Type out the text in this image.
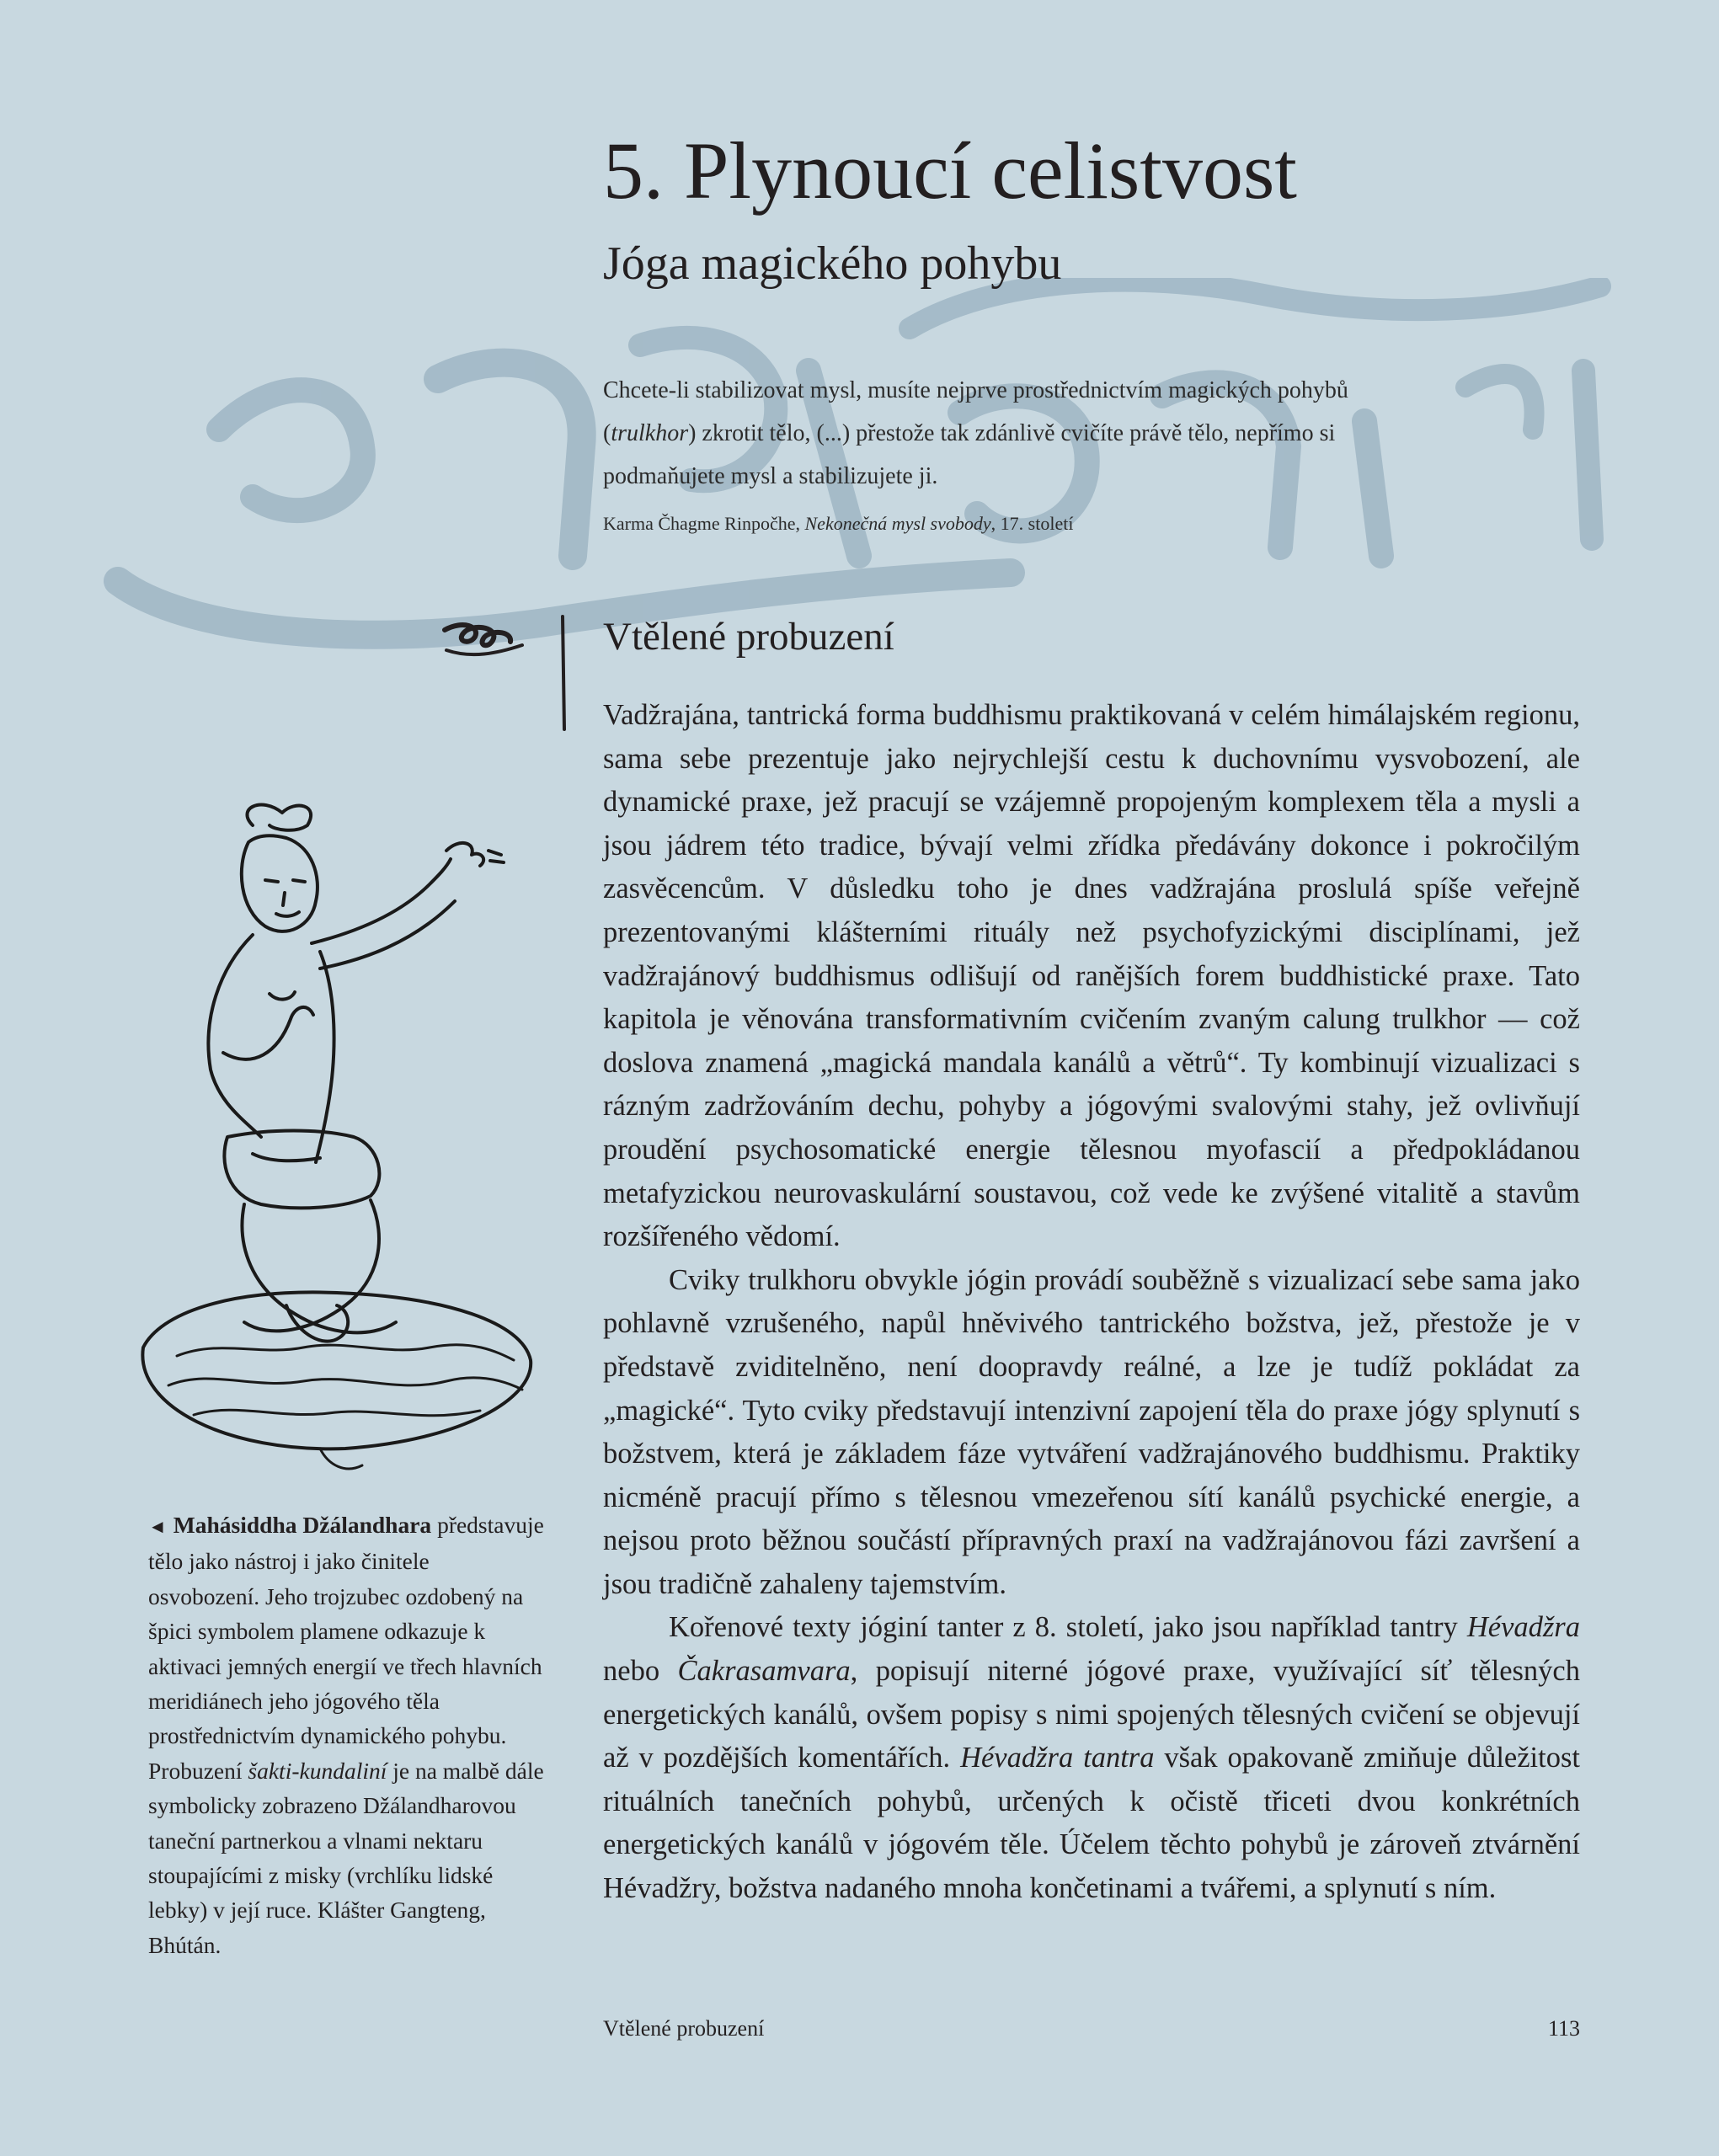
5. Plynoucí celistvost
Jóga magického pohybu
Chcete-li stabilizovat mysl, musíte nejprve prostřednictvím magických pohybů (trulkhor) zkrotit tělo, (...) přestože tak zdánlivě cvičíte právě tělo, nepřímo si podmaňujete mysl a stabilizujete ji.
Karma Čhagme Rinpočhe, Nekonečná mysl svobody, 17. století
Vtělené probuzení

Vadžrajána, tantrická forma buddhismu praktikovaná v celém himálajském regionu, sama sebe prezentuje jako nejrychlejší cestu k duchovnímu vysvobození, ale dynamické praxe, jež pracují se vzájemně propojeným komplexem těla a mysli a jsou jádrem této tradice, bývají velmi zřídka předávány dokonce i pokročilým zasvěcencům. V důsledku toho je dnes vadžrajána proslulá spíše veřejně prezentovanými klášterními rituály než psychofyzickými disciplínami, jež vadžrajánový buddhismus odlišují od ranějších forem buddhistické praxe. Tato kapitola je věnována transformativním cvičením zvaným calung trulkhor — což doslova znamená „magická mandala kanálů a větrů“. Ty kombinují vizualizaci s rázným zadržováním dechu, pohyby a jógovými svalovými stahy, jež ovlivňují proudění psychosomatické energie tělesnou myofascií a předpokládanou metafyzickou neurovaskulární soustavou, což vede ke zvýšené vitalitě a stavům rozšířeného vědomí.

Cviky trulkhoru obvykle jógin provádí souběžně s vizualizací sebe sama jako pohlavně vzrušeného, napůl hněvivého tantrického božstva, jež, přestože je v představě zviditelněno, není doopravdy reálné, a lze je tudíž pokládat za „magické“. Tyto cviky představují intenzivní zapojení těla do praxe jógy splynutí s božstvem, která je základem fáze vytváření vadžrajánového buddhismu. Praktiky nicméně pracují přímo s tělesnou vmezeřenou sítí kanálů psychické energie, a nejsou proto běžnou součástí přípravných praxí na vadžrajánovou fázi završení a jsou tradičně zahaleny tajemstvím.

Kořenové texty jóginí tanter z 8. století, jako jsou například tantry Hévadžra nebo Čakrasamvara, popisují niterné jógové praxe, využívající síť tělesných energetických kanálů, ovšem popisy s nimi spojených tělesných cvičení se objevují až v pozdějších komentářích. Hévadžra tantra však opakovaně zmiňuje důležitost rituálních tanečních pohybů, určených k očistě třiceti dvou konkrétních energetických kanálů v jógovém těle. Účelem těchto pohybů je zároveň ztvárnění Hévadžry, božstva nadaného mnoha končetinami a tvářemi, a splynutí s ním.

◄ Mahásiddha Džálandhara představuje tělo jako nástroj i jako činitele osvobození. Jeho trojzubec ozdobený na špici symbolem plamene odkazuje k aktivaci jemných energií ve třech hlavních meridiánech jeho jógového těla prostřednictvím dynamického pohybu. Probuzení šakti-kundaliní je na malbě dále symbolicky zobrazeno Džálandharovou taneční partnerkou a vlnami nektaru stoupajícími z misky (vrchlíku lidské lebky) v její ruce. Klášter Gangteng, Bhútán.
Vtělené probuzení	113
